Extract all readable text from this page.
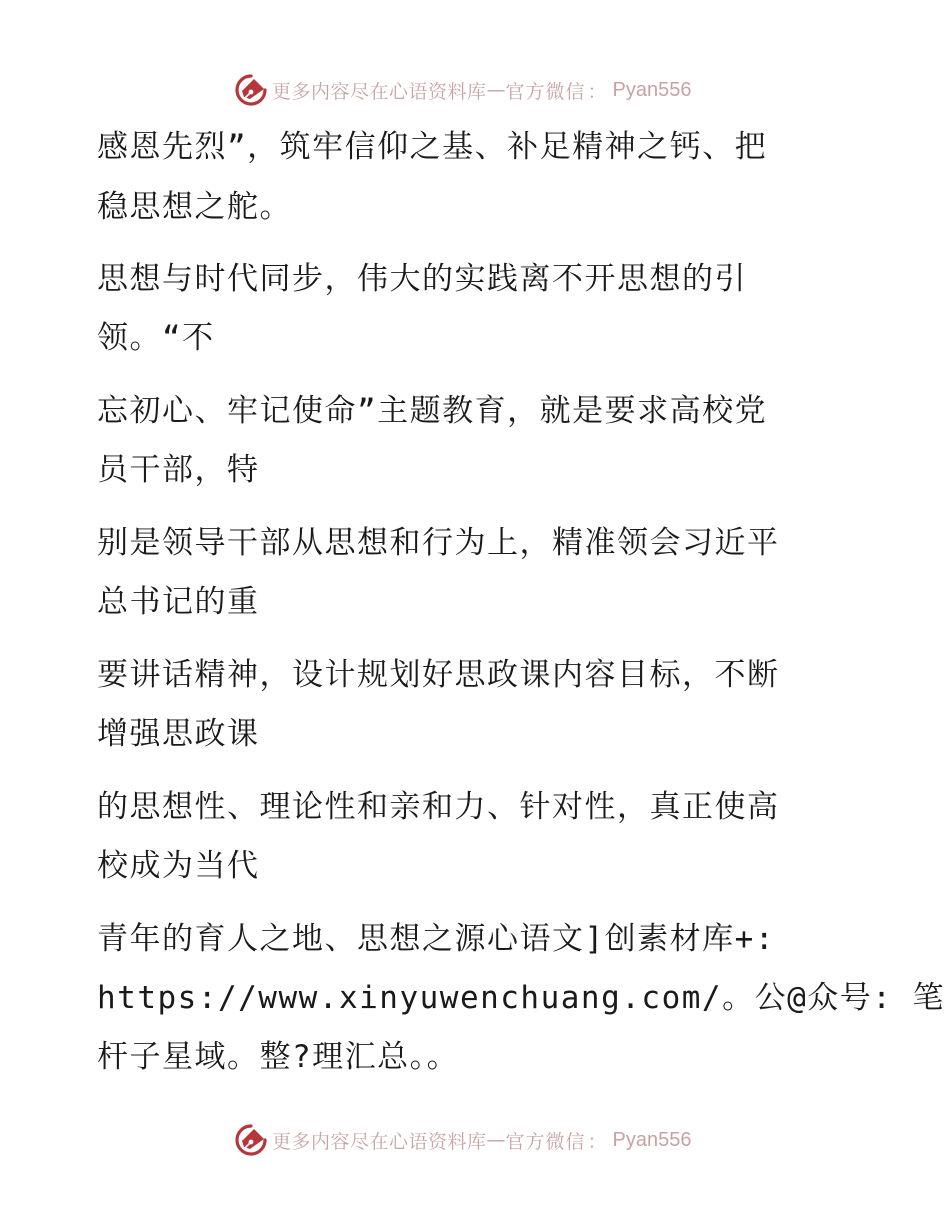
更多内容尽在心语资料库 — 官方微信 ： Pyan556
感恩先烈”，筑牢信仰之基、补足精神之钙、把
稳思想之舵。
思想与时代同步，伟大的实践离不开思想的引
领。“不
忘初心、牢记使命”主题教育，就是要求高校党
员干部，特
别是领导干部从思想和行为上，精准领会习近平
总书记的重
要讲话精神，设计规划好思政课内容目标，不断
增强思政课
的思想性、理论性和亲和力、针对性，真正使高
校成为当代
青年的育人之地、思想之源心语文]创素材库+:
https://www.xinyuwenchuang.com/。公@众号: 笔
杆子星域。整?理汇总。。
更多内容尽在心语资料库 — 官方微信 ： Pyan556
